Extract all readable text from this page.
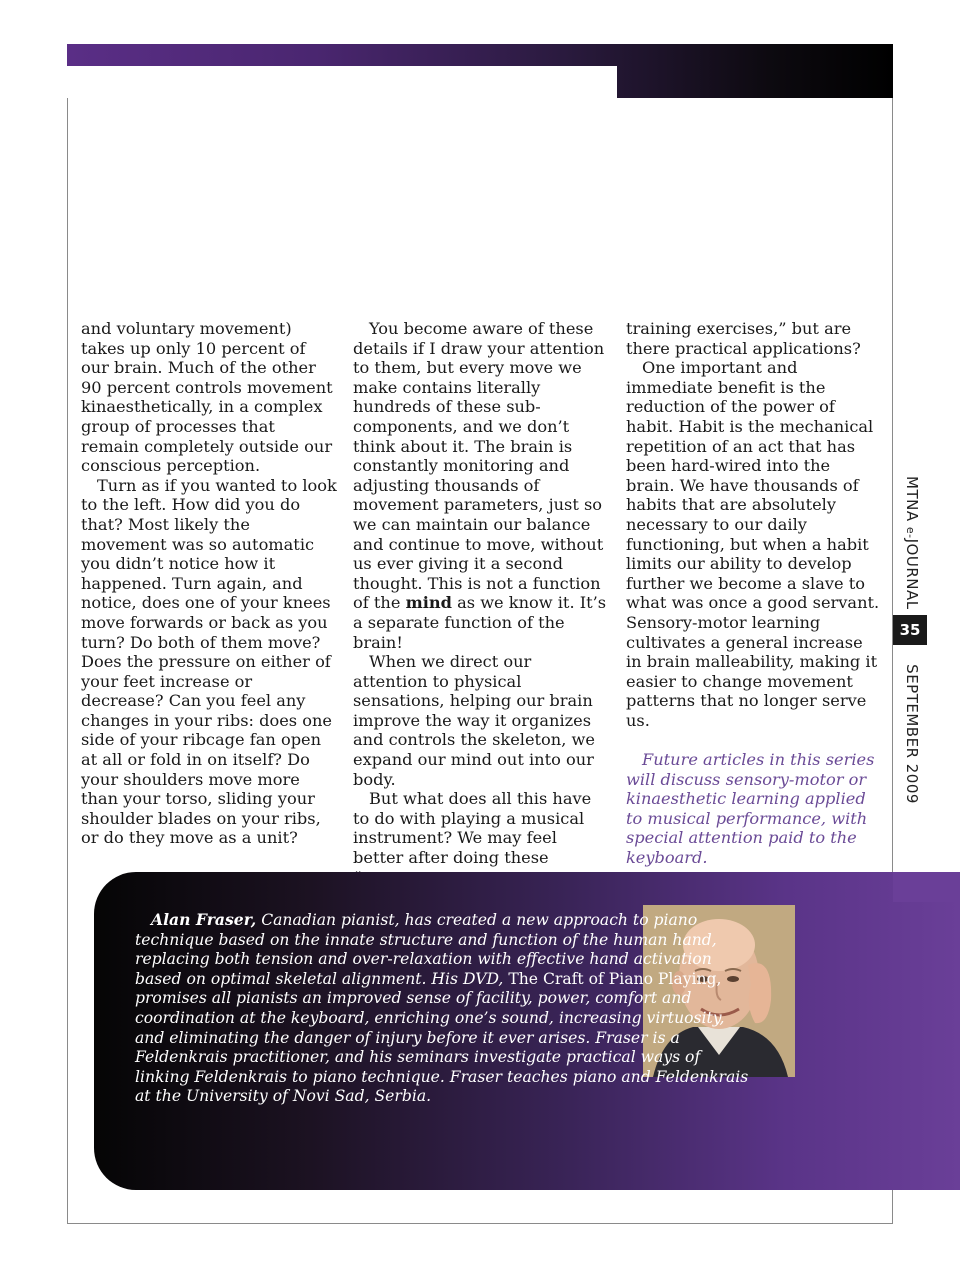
and voluntary movement) takes up only 10 percent of our brain. Much of the other 90 percent controls movement kinaesthetically, in a complex group of processes that remain completely outside our conscious perception.

Turn as if you wanted to look to the left. How did you do that? Most likely the movement was so automatic you didn’t notice how it happened. Turn again, and notice, does one of your knees move forwards or back as you turn? Do both of them move? Does the pressure on either of your feet increase or decrease? Can you feel any changes in your ribs: does one side of your ribcage fan open at all or fold in on itself? Do your shoulders move more than your torso, sliding your shoulder blades on your ribs, or do they move as a unit?

You become aware of these details if I draw your attention to them, but every move we make contains literally hundreds of these sub-components, and we don’t think about it. The brain is constantly monitoring and adjusting thousands of movement parameters, just so we can maintain our balance and continue to move, without us ever giving it a second thought. This is not a function of the mind as we know it. It’s a separate function of the brain!

When we direct our attention to physical sensations, helping our brain improve the way it organizes and controls the skeleton, we expand our mind out into our body.

But what does all this have to do with playing a musical instrument? We may feel better after doing these

training exercises,” but are there practical applications?

One important and immediate benefit is the reduction of the power of habit. Habit is the mechanical repetition of an act that has been hard-wired into the brain. We have thousands of habits that are absolutely necessary to our daily functioning, but when a habit limits our ability to develop further we become a slave to what was once a good servant. Sensory-motor learning cultivates a general increase in brain malleability, making it easier to change movement patterns that no longer serve us.

Future articles in this series will discuss sensory-motor or kinaesthetic learning applied to musical performance, with special attention paid to the keyboard.

MTNA e-JOURNAL  SEPTEMBER 2009
35

Alan Fraser, Canadian pianist, has created a new approach to piano technique based on the innate structure and function of the human hand, replacing both tension and over-relaxation with effective hand activation based on optimal skeletal alignment. His DVD, The Craft of Piano Playing, promises all pianists an improved sense of facility, power, comfort and coordination at the keyboard, enriching one’s sound, increasing virtuosity, and eliminating the danger of injury before it ever arises. Fraser is a Feldenkrais practitioner, and his seminars investigate practical ways of linking Feldenkrais to piano technique. Fraser teaches piano and Feldenkrais at the University of Novi Sad, Serbia.
